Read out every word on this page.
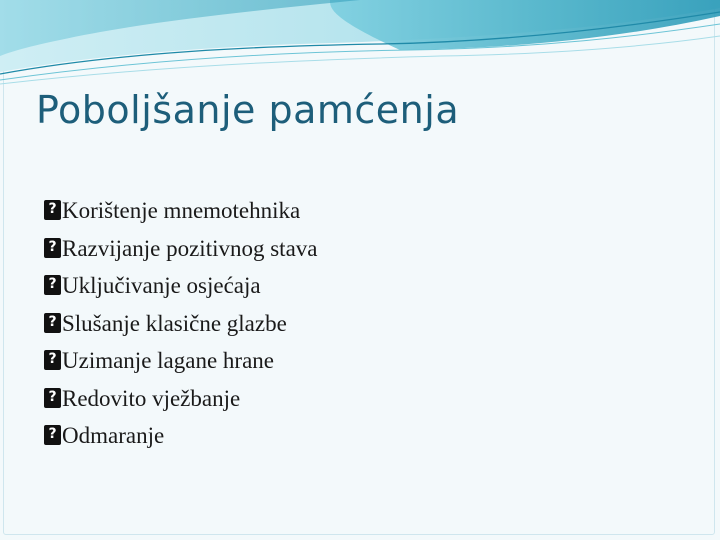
Poboljšanje pamćenja
?Korištenje mnemotehnika
?Razvijanje pozitivnog stava
?Uključivanje osjećaja
?Slušanje klasične glazbe
?Uzimanje lagane hrane
?Redovito vježbanje
?Odmaranje
